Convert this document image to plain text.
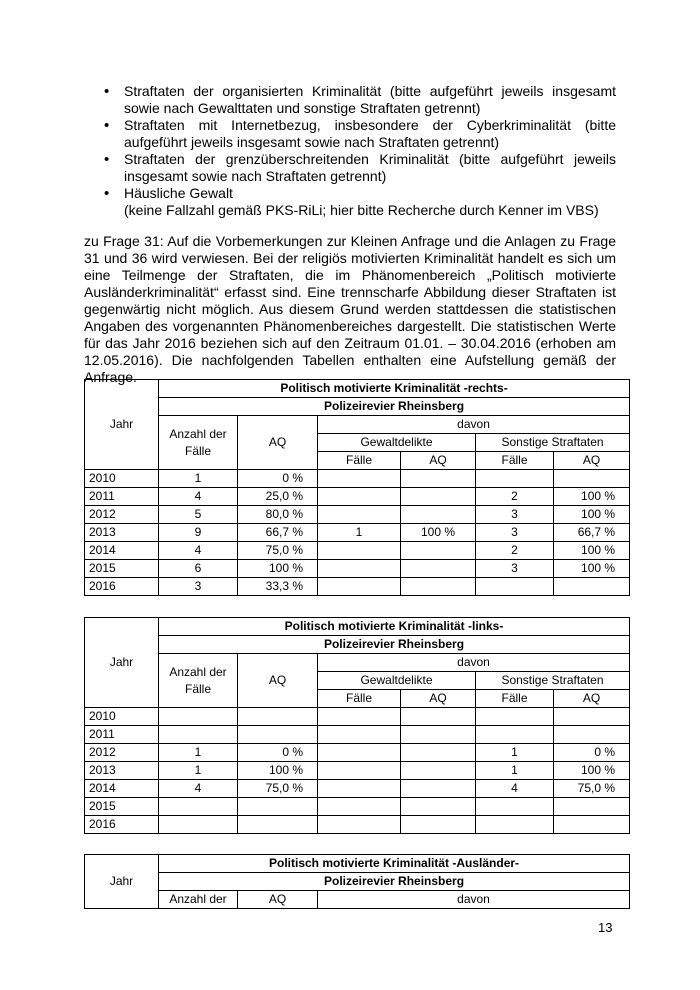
• Straftaten der organisierten Kriminalität (bitte aufgeführt jeweils insgesamt sowie nach Gewalttaten und sonstige Straftaten getrennt)
• Straftaten mit Internetbezug, insbesondere der Cyberkriminalität (bitte aufgeführt jeweils insgesamt sowie nach Straftaten getrennt)
• Straftaten der grenzüberschreitenden Kriminalität (bitte aufgeführt jeweils insgesamt sowie nach Straftaten getrennt)
• Häusliche Gewalt
(keine Fallzahl gemäß PKS-RiLi; hier bitte Recherche durch Kenner im VBS)

zu Frage 31: Auf die Vorbemerkungen zur Kleinen Anfrage und die Anlagen zu Frage 31 und 36 wird verwiesen. Bei der religiös motivierten Kriminalität handelt es sich um eine Teilmenge der Straftaten, die im Phänomenbereich „Politisch motivierte Ausländerkriminalität“ erfasst sind. Eine trennscharfe Abbildung dieser Straftaten ist gegenwärtig nicht möglich. Aus diesem Grund werden stattdessen die statistischen Angaben des vorgenannten Phänomenbereiches dargestellt. Die statistischen Werte für das Jahr 2016 beziehen sich auf den Zeitraum 01.01. – 30.04.2016 (erhoben am 12.05.2016). Die nachfolgenden Tabellen enthalten eine Aufstellung gemäß der Anfrage.

Jahr	Politisch motivierte Kriminalität -rechts-					
	Polizeirevier Rheinsberg					
	Anzahl der
Fälle	AQ	davon			
			Gewaltdelikte		Sonstige Straftaten	
			Fälle	AQ	Fälle	AQ
2010	1	0 %				
2011	4	25,0 %			2	100 %
2012	5	80,0 %			3	100 %
2013	9	66,7 %	1	100 %	3	66,7 %
2014	4	75,0 %			2	100 %
2015	6	100 %			3	100 %
2016	3	33,3 %				
Jahr	Politisch motivierte Kriminalität -links-					
	Polizeirevier Rheinsberg					
	Anzahl der
Fälle	AQ	davon			
			Gewaltdelikte		Sonstige Straftaten	
			Fälle	AQ	Fälle	AQ
2010						
2011						
2012	1	0 %			1	0 %
2013	1	100 %			1	100 %
2014	4	75,0 %			4	75,0 %
2015						
2016						
Jahr	Politisch motivierte Kriminalität -Ausländer-		
	Polizeirevier Rheinsberg		
	Anzahl der	AQ	davon
13
